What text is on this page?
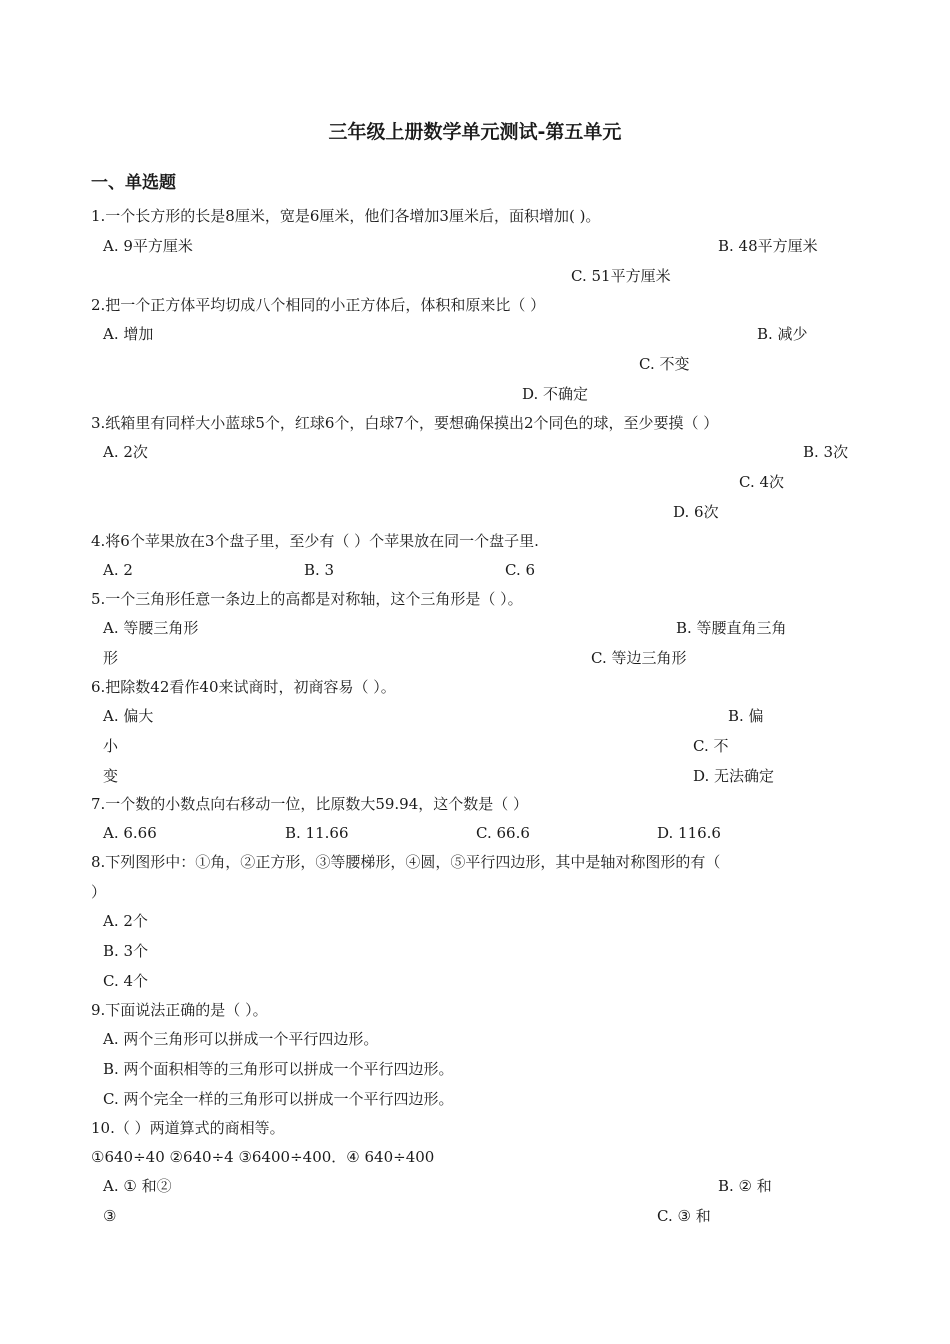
三年级上册数学单元测试-第五单元
一、单选题
1.一个长方形的长是8厘米，宽是6厘米，他们各增加3厘米后，面积增加( )。
A. 9平方厘米	B. 48平方厘米
C. 51平方厘米
2.把一个正方体平均切成八个相同的小正方体后，体积和原来比（ ）
A. 增加	B. 减少
C. 不变
D. 不确定
3.纸箱里有同样大小蓝球5个，红球6个，白球7个，要想确保摸出2个同色的球，至少要摸（ ）
A. 2次	B. 3次
C. 4次
D. 6次
4.将6个苹果放在3个盘子里，至少有（ ）个苹果放在同一个盘子里.
A. 2	B. 3	C. 6
5.一个三角形任意一条边上的高都是对称轴，这个三角形是（ ）。
A. 等腰三角形	B. 等腰直角三角
形	C. 等边三角形
6.把除数42看作40来试商时，初商容易（ ）。
A. 偏大	B. 偏
小	C. 不
变	D. 无法确定
7.一个数的小数点向右移动一位，比原数大59.94，这个数是（ ）
A. 6.66	B. 11.66	C. 66.6	D. 116.6
8.下列图形中：①角，②正方形，③等腰梯形，④圆，⑤平行四边形，其中是轴对称图形的有（
）
A. 2个
B. 3个
C. 4个
9.下面说法正确的是（ ）。
A. 两个三角形可以拼成一个平行四边形。
B. 两个面积相等的三角形可以拼成一个平行四边形。
C. 两个完全一样的三角形可以拼成一个平行四边形。
10.（ ）两道算式的商相等。
①640÷40 ②640÷4 ③6400÷400．④ 640÷400
A. ① 和②	B. ② 和
③	C. ③ 和
